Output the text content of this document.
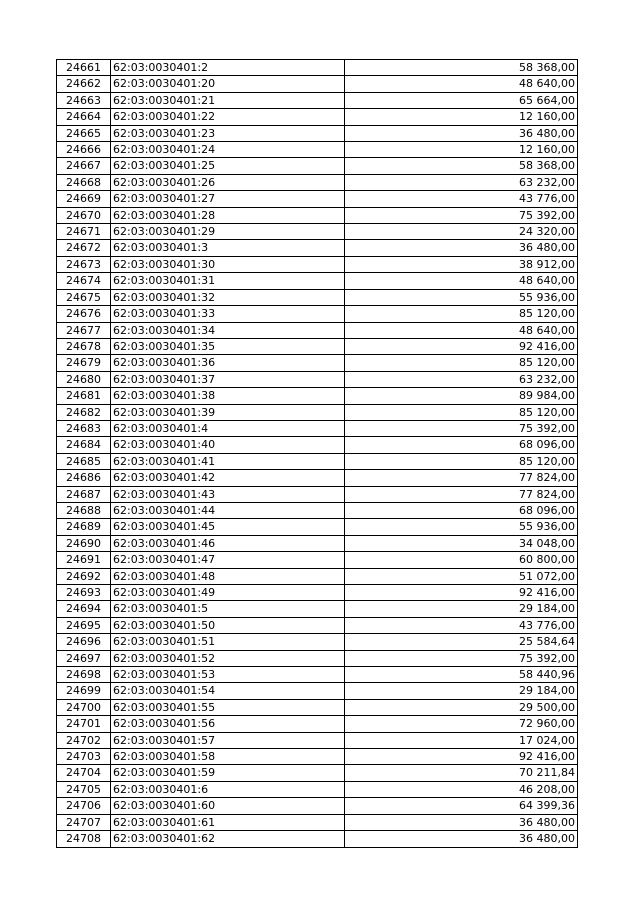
24661	62:03:0030401:2	58 368,00
24662	62:03:0030401:20	48 640,00
24663	62:03:0030401:21	65 664,00
24664	62:03:0030401:22	12 160,00
24665	62:03:0030401:23	36 480,00
24666	62:03:0030401:24	12 160,00
24667	62:03:0030401:25	58 368,00
24668	62:03:0030401:26	63 232,00
24669	62:03:0030401:27	43 776,00
24670	62:03:0030401:28	75 392,00
24671	62:03:0030401:29	24 320,00
24672	62:03:0030401:3	36 480,00
24673	62:03:0030401:30	38 912,00
24674	62:03:0030401:31	48 640,00
24675	62:03:0030401:32	55 936,00
24676	62:03:0030401:33	85 120,00
24677	62:03:0030401:34	48 640,00
24678	62:03:0030401:35	92 416,00
24679	62:03:0030401:36	85 120,00
24680	62:03:0030401:37	63 232,00
24681	62:03:0030401:38	89 984,00
24682	62:03:0030401:39	85 120,00
24683	62:03:0030401:4	75 392,00
24684	62:03:0030401:40	68 096,00
24685	62:03:0030401:41	85 120,00
24686	62:03:0030401:42	77 824,00
24687	62:03:0030401:43	77 824,00
24688	62:03:0030401:44	68 096,00
24689	62:03:0030401:45	55 936,00
24690	62:03:0030401:46	34 048,00
24691	62:03:0030401:47	60 800,00
24692	62:03:0030401:48	51 072,00
24693	62:03:0030401:49	92 416,00
24694	62:03:0030401:5	29 184,00
24695	62:03:0030401:50	43 776,00
24696	62:03:0030401:51	25 584,64
24697	62:03:0030401:52	75 392,00
24698	62:03:0030401:53	58 440,96
24699	62:03:0030401:54	29 184,00
24700	62:03:0030401:55	29 500,00
24701	62:03:0030401:56	72 960,00
24702	62:03:0030401:57	17 024,00
24703	62:03:0030401:58	92 416,00
24704	62:03:0030401:59	70 211,84
24705	62:03:0030401:6	46 208,00
24706	62:03:0030401:60	64 399,36
24707	62:03:0030401:61	36 480,00
24708	62:03:0030401:62	36 480,00
